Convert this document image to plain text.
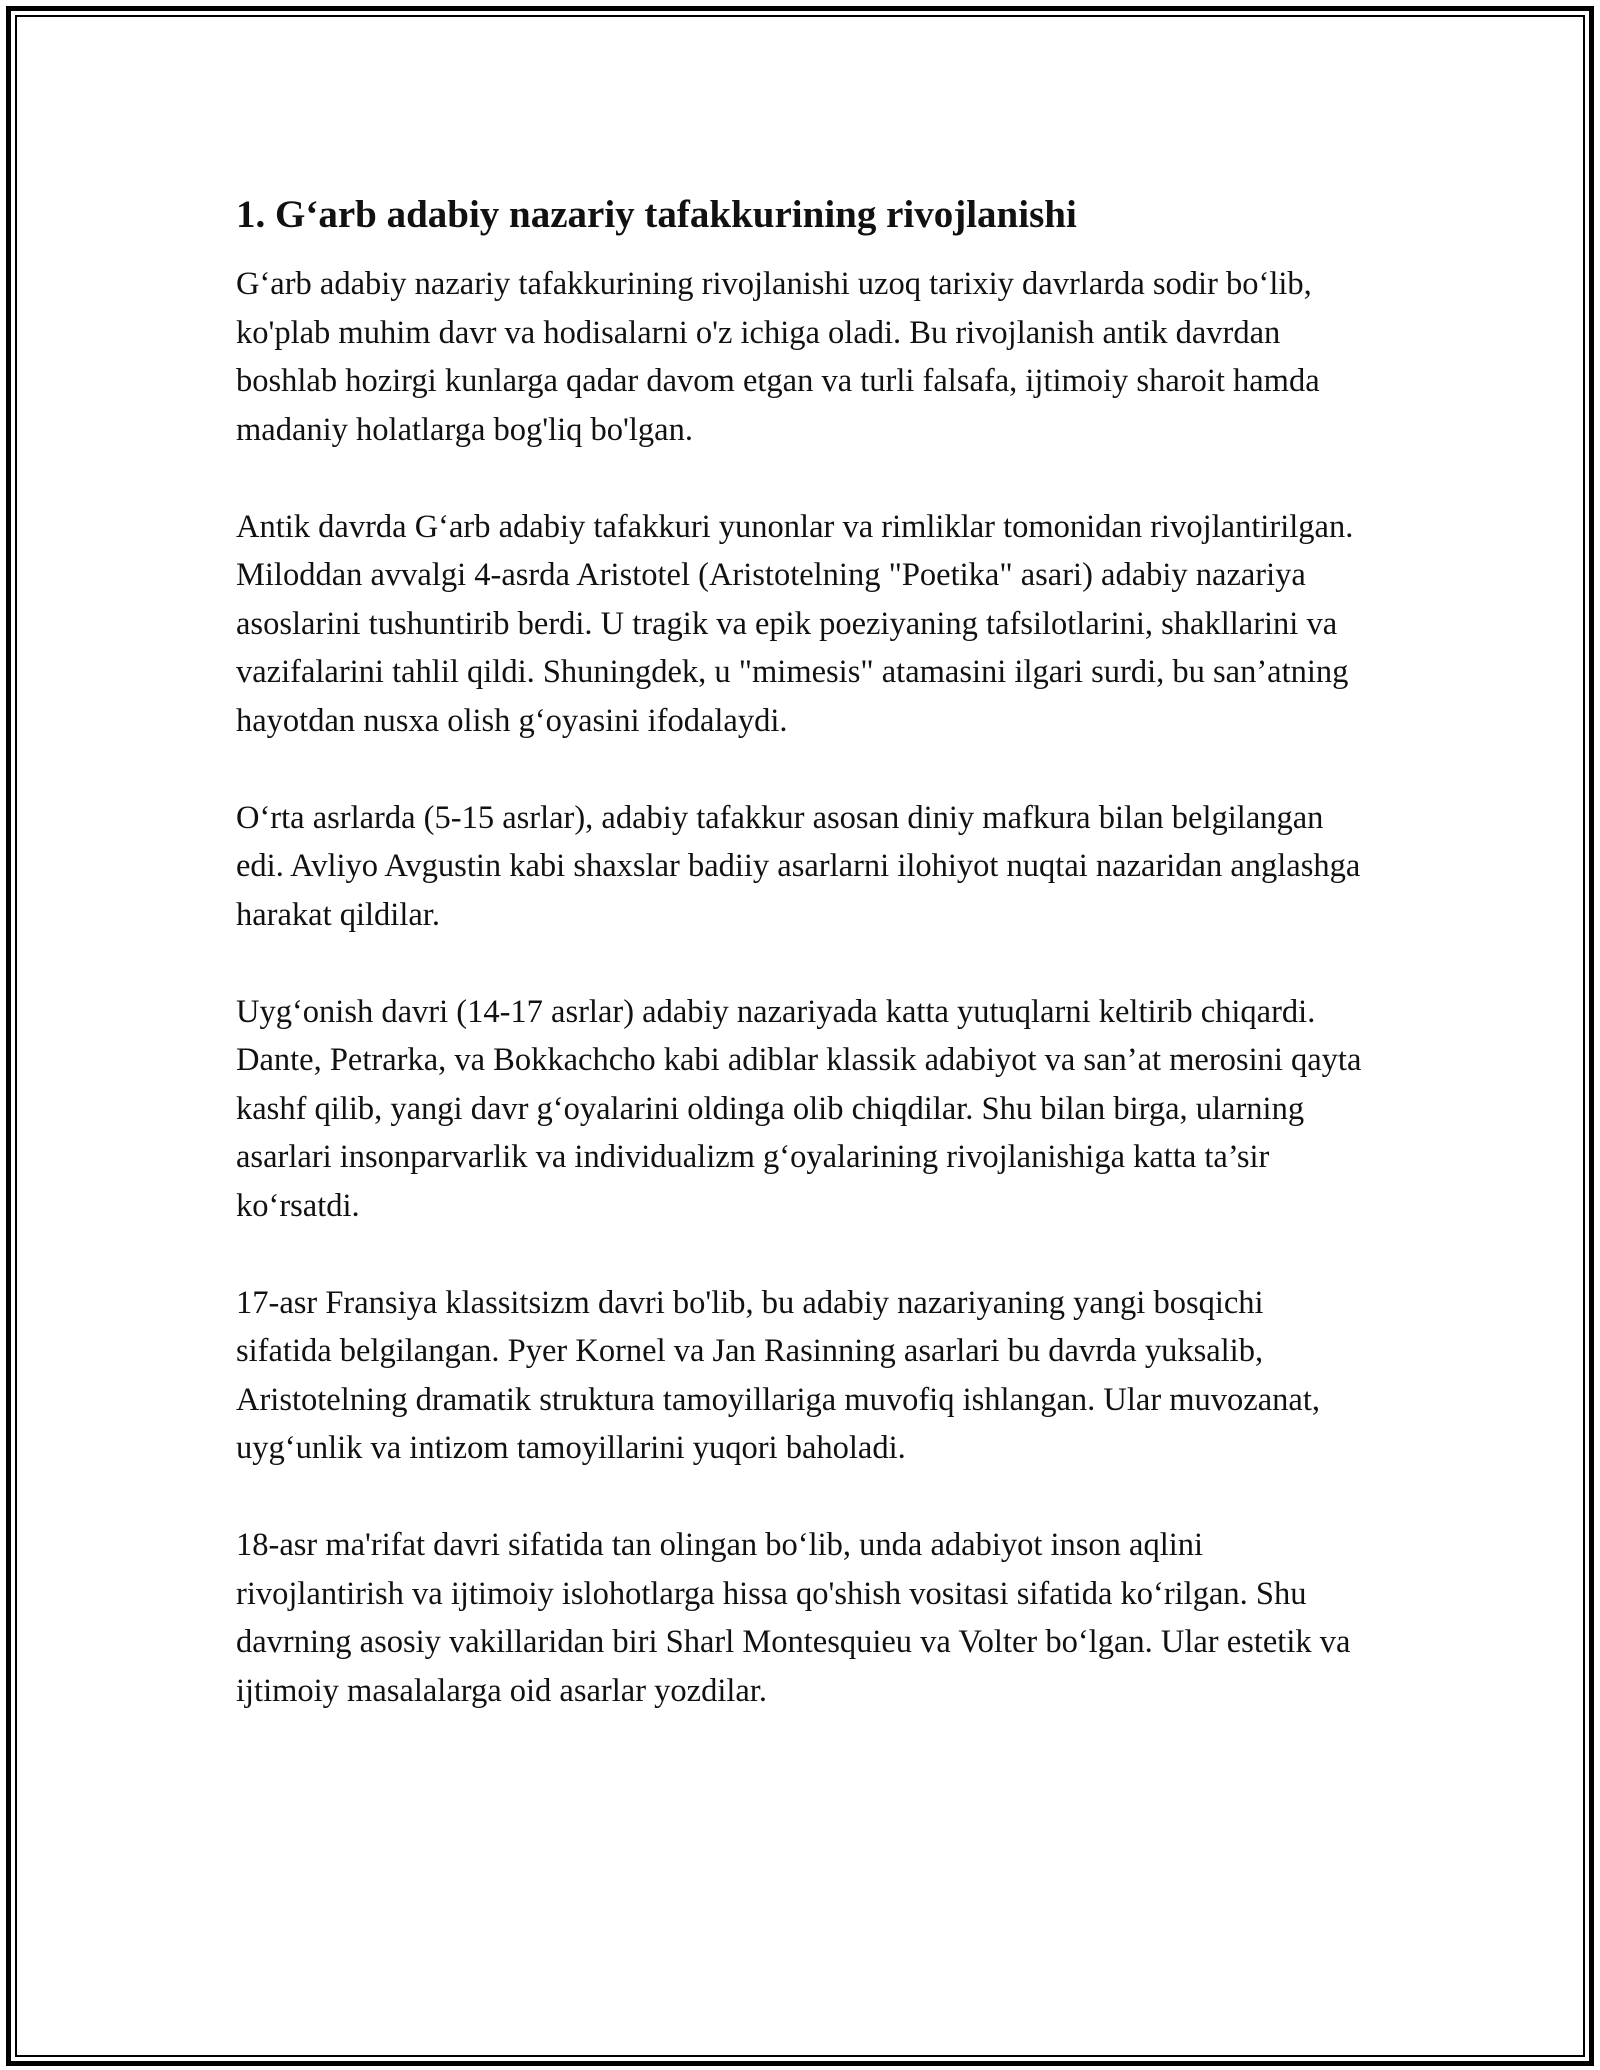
1. G‘arb adabiy nazariy tafakkurining rivojlanishi

G‘arb adabiy nazariy tafakkurining rivojlanishi uzoq tarixiy davrlarda sodir bo‘lib, ko'plab muhim davr va hodisalarni o'z ichiga oladi. Bu rivojlanish antik davrdan boshlab hozirgi kunlarga qadar davom etgan va turli falsafa, ijtimoiy sharoit hamda madaniy holatlarga bog'liq bo'lgan.

Antik davrda G‘arb adabiy tafakkuri yunonlar va rimliklar tomonidan rivojlantirilgan. Miloddan avvalgi 4-asrda Aristotel (Aristotelning "Poetika" asari) adabiy nazariya asoslarini tushuntirib berdi. U tragik va epik poeziyaning tafsilotlarini, shakllarini va vazifalarini tahlil qildi. Shuningdek, u "mimesis" atamasini ilgari surdi, bu san’atning hayotdan nusxa olish g‘oyasini ifodalaydi.

O‘rta asrlarda (5-15 asrlar), adabiy tafakkur asosan diniy mafkura bilan belgilangan edi. Avliyo Avgustin kabi shaxslar badiiy asarlarni ilohiyot nuqtai nazaridan anglashga harakat qildilar.

Uyg‘onish davri (14-17 asrlar) adabiy nazariyada katta yutuqlarni keltirib chiqardi. Dante, Petrarka, va Bokkachcho kabi adiblar klassik adabiyot va san’at merosini qayta kashf qilib, yangi davr g‘oyalarini oldinga olib chiqdilar. Shu bilan birga, ularning asarlari insonparvarlik va individualizm g‘oyalarining rivojlanishiga katta ta’sir ko‘rsatdi.

17-asr Fransiya klassitsizm davri bo'lib, bu adabiy nazariyaning yangi bosqichi sifatida belgilangan. Pyer Kornel va Jan Rasinning asarlari bu davrda yuksalib, Aristotelning dramatik struktura tamoyillariga muvofiq ishlangan. Ular muvozanat, uyg‘unlik va intizom tamoyillarini yuqori baholadi.

18-asr ma'rifat davri sifatida tan olingan bo‘lib, unda adabiyot inson aqlini rivojlantirish va ijtimoiy islohotlarga hissa qo'shish vositasi sifatida ko‘rilgan. Shu davrning asosiy vakillaridan biri Sharl Montesquieu va Volter bo‘lgan. Ular estetik va ijtimoiy masalalarga oid asarlar yozdilar.
